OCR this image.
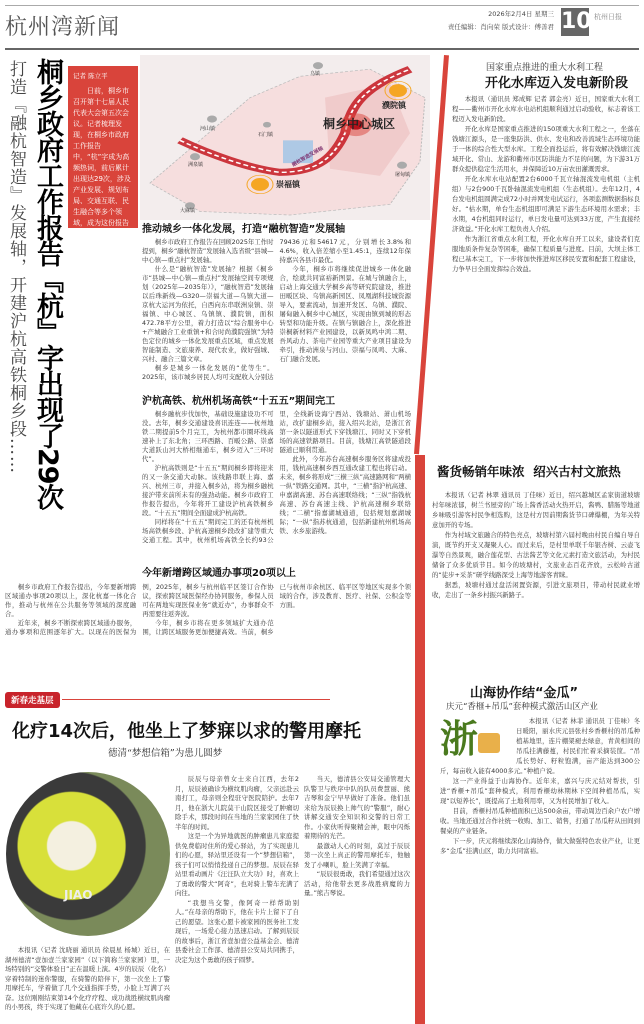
杭州湾新闻
2026年2月4日 星期三
责任编辑：肖向荣 版式设计：傅善君 10 杭州日报
打造『融杭智造』发展轴，开建沪杭高铁桐乡段…… 桐乡政府工作报告『杭』字出现了29次	记者 陈立平
日前，桐乡市召开第十七届人民代表大会第五次会议。记者梳理发现，在桐乡市政府工作报告中，“杭”字成为高频热词，前后累计出现达29次，涉及产业发展、规划布局、交通互联、民生融合等多个领域，成为这份报告里彰显发展导向的一大亮眼细节。
桐乡中心城区
濮院镇
崇福镇
乌镇
河山镇
石门镇
洲泉镇
屠甸镇
大麻镇
融杭智造发展轴
推动城乡一体化发展，打造“融杭智造”发展轴

桐乡市政府工作报告在回顾2025年工作时提到，桐乡“融杭智造”发展轴入选省级“县城—中心镇—重点村”发展轴。

什么是“融杭智造”发展轴？根据《桐乡市“县城—中心镇—重点村”发展轴空间专项规划（2025年—2035年）》，“融杭智造”发展轴以后珠新线—G320—崇福大道—乌镇大道—京杭大运河为依托，自西向东串联洲泉镇、崇福镇、中心城区、乌镇镇、濮院镇，面积472.78平方公里，着力打造以“综合服务中心+产城融合工业重镇+和合时尚濮院强镇”为特色定位的城乡一体化发展重点区域，重点发展智能制造、文旅康养、现代农业，做好强城、兴村、融合三篇文章。

桐乡是城乡一体化发展的“优等生”。2025年，该市城乡居民人均可支配收入分别达79436元和54617元，分别增长3.8%和4.6%，收入倍差缩小至1.45:1，连续12年保持嘉兴各县市最优。

今年，桐乡市将继续促进城乡一体化融合，绘就共同富裕新图景。在城与镇融合上，启动上海交通大学桐乡高等研究院建设，推进田畈区块、乌镇高新园区、凤凰湖科技城资源导入，要素流动，加速开发区、乌镇、濮院、屠甸融入桐乡中心城区，实现由镇到城的形态转型和功能升级。在镇与镇融合上，深化推进崇桐新材料产业园建设，以新凤鸣中鸿二期、吾风动力、茶电产业园等重大产业项目建设为牵引，推动洲泉与河山、崇福与凤鸣、大麻、石门融合发展。

沪杭高铁、杭州机场高铁“十五五”期间完工

桐乡融杭步伐加快，基础设施建设功不可没。去年，桐乡交通建设喜讯连连——杭州地铁二期提前5个月完工，为杭州都市圈环线高速补上了东北角；三环西路、百畈公路、崇嘉大道跃山河大桥相继通车，桐乡迈入“三环时代”。

沪杭高铁则是“十五五”期间桐乡即将迎来的又一条交通大动脉。该线路串联上海、嘉兴、杭州三市，并接入桐乡站，将为桐乡融杭接沪带来前所未有的强劲动能。桐乡市政府工作报告提出，今年将开工建设沪杭高铁桐乡段。“十五五”期间全面建成沪杭高铁。

同样将在“十五五”期间完工的还有杭州机场高铁桐乡段、沪杭高速桐乡段改扩建等重大交通工程。其中，杭州机场高铁全长约93公里，全线新设海宁西站、钱塘站、萧山机场站，改扩建桐乡站，接入绍兴北站，是浙江省第一条以隧道形式下穿钱塘江、同时又下穿机场的高速铁路项目。目前，钱塘江高铁隧道段隧道已顺利贯通。

此外，今年苏台高速桐乡服务区将建成投用，钱杭高速桐乡西互通改建工程也将启动。未来，桐乡将形成“三横三纵”高速路网和“两横一纵”铁路交通网。其中，“三横”指沪杭高速、申嘉湖高速、苏台高速联络线；“三纵”指钱杭高速、苏台高速主线、沪杭高速桐乡联络线；“二横”指嘉湖城通道，包括规划嘉湖城际；“一纵”指苏杭通道，包括新建杭州机场高铁、水乡旅游线。

今年新增跨区域通办事项20项以上

桐乡市政府工作报告提出，今年要新增跨区域通办事项20项以上，深化杭嘉一体化合作，推动与杭州在公共服务等领域的深度融合。

近年来，桐乡不断探索跨区域通办服务，通办事项和范围逐年扩大。以现在的医保为例，2025年，桐乡与杭州临平区签订合作协议，探索跨区域医保经办协同服务，参保人员可在两地实现医保业务“就近办”，办事群众不再需要往返奔波。

今年，桐乡市将在更多领域扩大通办范围，让跨区域服务更加便捷高效。当前，桐乡已与杭州市余杭区、临平区等地区实现多个领域的合作，涉及教育、医疗、社保、公积金等方面。

国家重点推进的重大水利工程
开化水库迈入发电新阶段

本报讯（通讯员 郑成辉 记者 郭金亮）近日，国家重大水利工程——衢州市开化水库水电站机组顺利通过启动验收，标志着该工程迈入发电新阶段。

开化水库是国家重点推进的150项重大水利工程之一，坐落在钱塘江源头，是一座集防洪、供水、发电和改善流域生态环境功能于一体的综合性大型水库。工程全面投运后，将有效解决钱塘江流域开化、常山、龙游和衢州市区防洪能力不足的问题，为下游31万群众提供稳定生活用水，并保障近10万亩农田灌溉需求。

开化水库水电站配置2台6000千瓦立轴混流发电机组（主机组）与2台900千瓦卧轴混流发电机组（生态机组）。去年12月，4台发电机组圆满完成72小时并网发电试运行，各项监测数据指标良好。“枯水期，单台生态机组即可满足下游生态环境用水需求；丰水期，4台机组同时运行，单日发电量可达到33万度，产生直接经济效益。”开化水库工程负责人介绍。

作为浙江省重点水利工程，开化水库自开工以来，建设者们克服地质条件复杂等困难，确保工程质量与进度。目前，大坝主体工程已基本完工，下一步将加快推进库区移民安置和配套工程建设，力争早日全面发挥综合效益。

酱货畅销年味浓  绍兴古村文旅热

本报讯（记者 林翠 通讯员 丁佳味）近日，绍兴越城区孟家街道坡塘村年味浓郁，树兰书屋旁的广场上酱香活动火热开启，酱鸭、腊肠等地道乡味吸引游客村民争相选购，这是村方因前期酱货节口碑爆棚，为年关特意加开的专场。

作为村域文旅融合的特色亮点，坡塘村第六届村晚由村民自编自导自演，既节约开支又凝聚人心。而过来后，是村里单联千年银杏树、云壶飞瀑等自然景观，融合莲花型、古法酱艺等文化元素打造文旅活动，为村民储备了众多优质节目。如今的坡塘村，文旅业态百花齐放，云松岭古道的“徒步+采茶”研学线路深受上海等地游客青睐。

据悉，坡塘村通过盘活闲置资源，引进文旅项目，带动村民就业增收，走出了一条乡村振兴新路子。

新春走基层
化疗14次后，他坐上了梦寐以求的警用摩托
德清“梦想信箱”为患儿圆梦
JIAO

本报讯（记者 沈晓丽 通讯员 徐晨星 杨城）近日，在湖州德清“壹加壹兰家家园”（以下简称兰家家园）里，一场特别的“交警体验日”正在温暖上演。4岁的辰辰（化名）穿着特制的迷你警服，在骑警的陪伴下，第一次坐上了警用摩托车，学着做了几个交通指挥手势，小脸上写满了兴奋。这位刚刚结束第14个化疗疗程、成功战胜横纹肌肉瘤的小男孩，终于实现了他藏在心底许久的心愿。

辰辰与母亲曾女士来自江西，去年2月，辰辰被确诊为横纹肌肉瘤，父亲远赴云南打工，母亲则全程驻守医院陪护。去年7月，他在浙大儿院莫干山院区接受了肿瘤切除手术，那段时间在当地的兰家家园住了快半年的时间。

这是一个为异地就医的肿瘤患儿家庭提供免费临时住所的爱心驿站，为了实现患儿们的心愿，驿站里还设有一个“梦想信箱”，孩子们可以悄悄投递自己的梦想。辰辰在驿站里看动画片《汪汪队立大功》时，喜欢上了勇敢的警犬“阿奇”，也对骑上警车充满了向往。

“我想当交警，像阿奇一样帮助别人。”在母亲的帮助下，他在卡片上留下了自己的愿望。这张心愿卡被家园的医务社工发现后，一场爱心接力迅速启动。了解到辰辰的故事后，浙江省壹加壹公益基金会、德清县委社会工作部、德清县公安局共同携手，决定为这个勇敢的孩子圆梦。

当天，德清县公安局交通管理大队警卫与秩序中队的队员费慧丽、熊吉琴和金宁早早做好了准备。他们虽来给为辰辰换上帅气的“警服”，耐心讲解交通安全知识和交警的日常工作。小家伙听得聚精会神，眼中闪烁着期待的光芒。

最激动人心的时刻，莫过于辰辰第一次坐上真正的警用摩托车，他触发了小喇叭，脸上笑满了幸福。

“辰辰很勇敢，我们希望通过这次活动，给他带去更多战胜病魔的力量。”熊吉琴说。

山海协作结“金瓜”
庆元“香榧+吊瓜”套种模式激活山区产业
浙	本报讯（记者 林菲 通讯员 丁佳味）冬日暖阳，丽水庆元县张村乡香榧村的吊瓜种植基地里，连片棚架褪去绿意，青黄相间的吊瓜挂满藤蔓，村民们忙着采摘装筐。“吊瓜长势好、籽粒饱满，亩产能达到300公斤，每亩收入能有4000多元。”种植户说。

这一产业得益于山海协作。近年来，嘉兴与庆元结对帮扶，引进“香榧+吊瓜”套种模式，利用香榧幼林期林下空间种植吊瓜，实现“以短养长”，既提高了土地利用率，又为村民增加了收入。

目前，香榧村吊瓜种植面积已达500余亩，带动周边百余户农户增收。当地还通过合作社统一收购、加工、销售，打通了吊瓜籽从田间到餐桌的产业链条。

下一步，庆元将继续深化山海协作，做大做强特色农业产业，让更多“金瓜”挂满山区，助力共同富裕。
